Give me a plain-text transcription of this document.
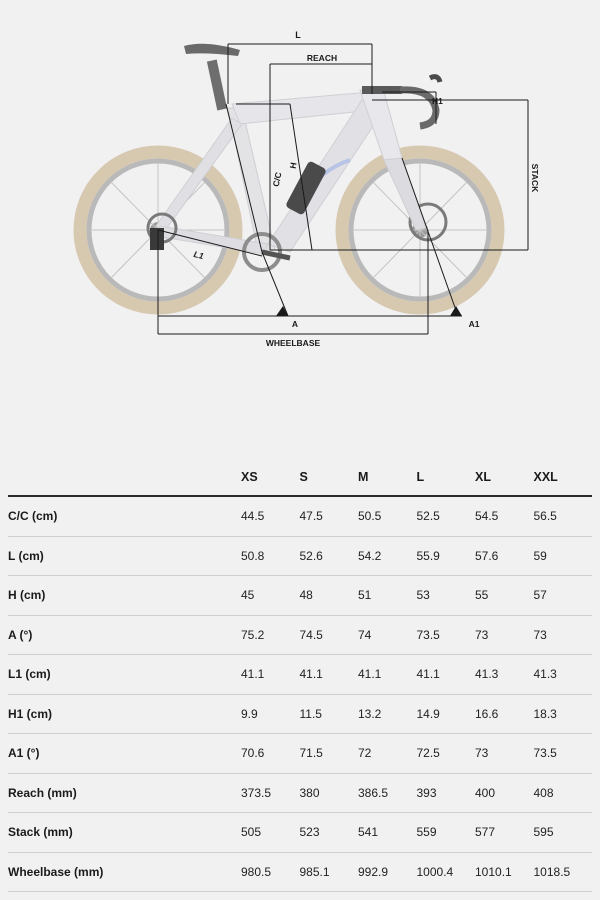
L
REACH
H1
STACK
C/C
H
L1
A	A1
WHEELBASE
	XS	S	M	L	XL	XXL
C/C (cm)	44.5	47.5	50.5	52.5	54.5	56.5
L (cm)	50.8	52.6	54.2	55.9	57.6	59
H (cm)	45	48	51	53	55	57
A (°)	75.2	74.5	74	73.5	73	73
L1 (cm)	41.1	41.1	41.1	41.1	41.3	41.3
H1 (cm)	9.9	11.5	13.2	14.9	16.6	18.3
A1 (°)	70.6	71.5	72	72.5	73	73.5
Reach (mm)	373.5	380	386.5	393	400	408
Stack (mm)	505	523	541	559	577	595
Wheelbase (mm)	980.5	985.1	992.9	1000.4	1010.1	1018.5
